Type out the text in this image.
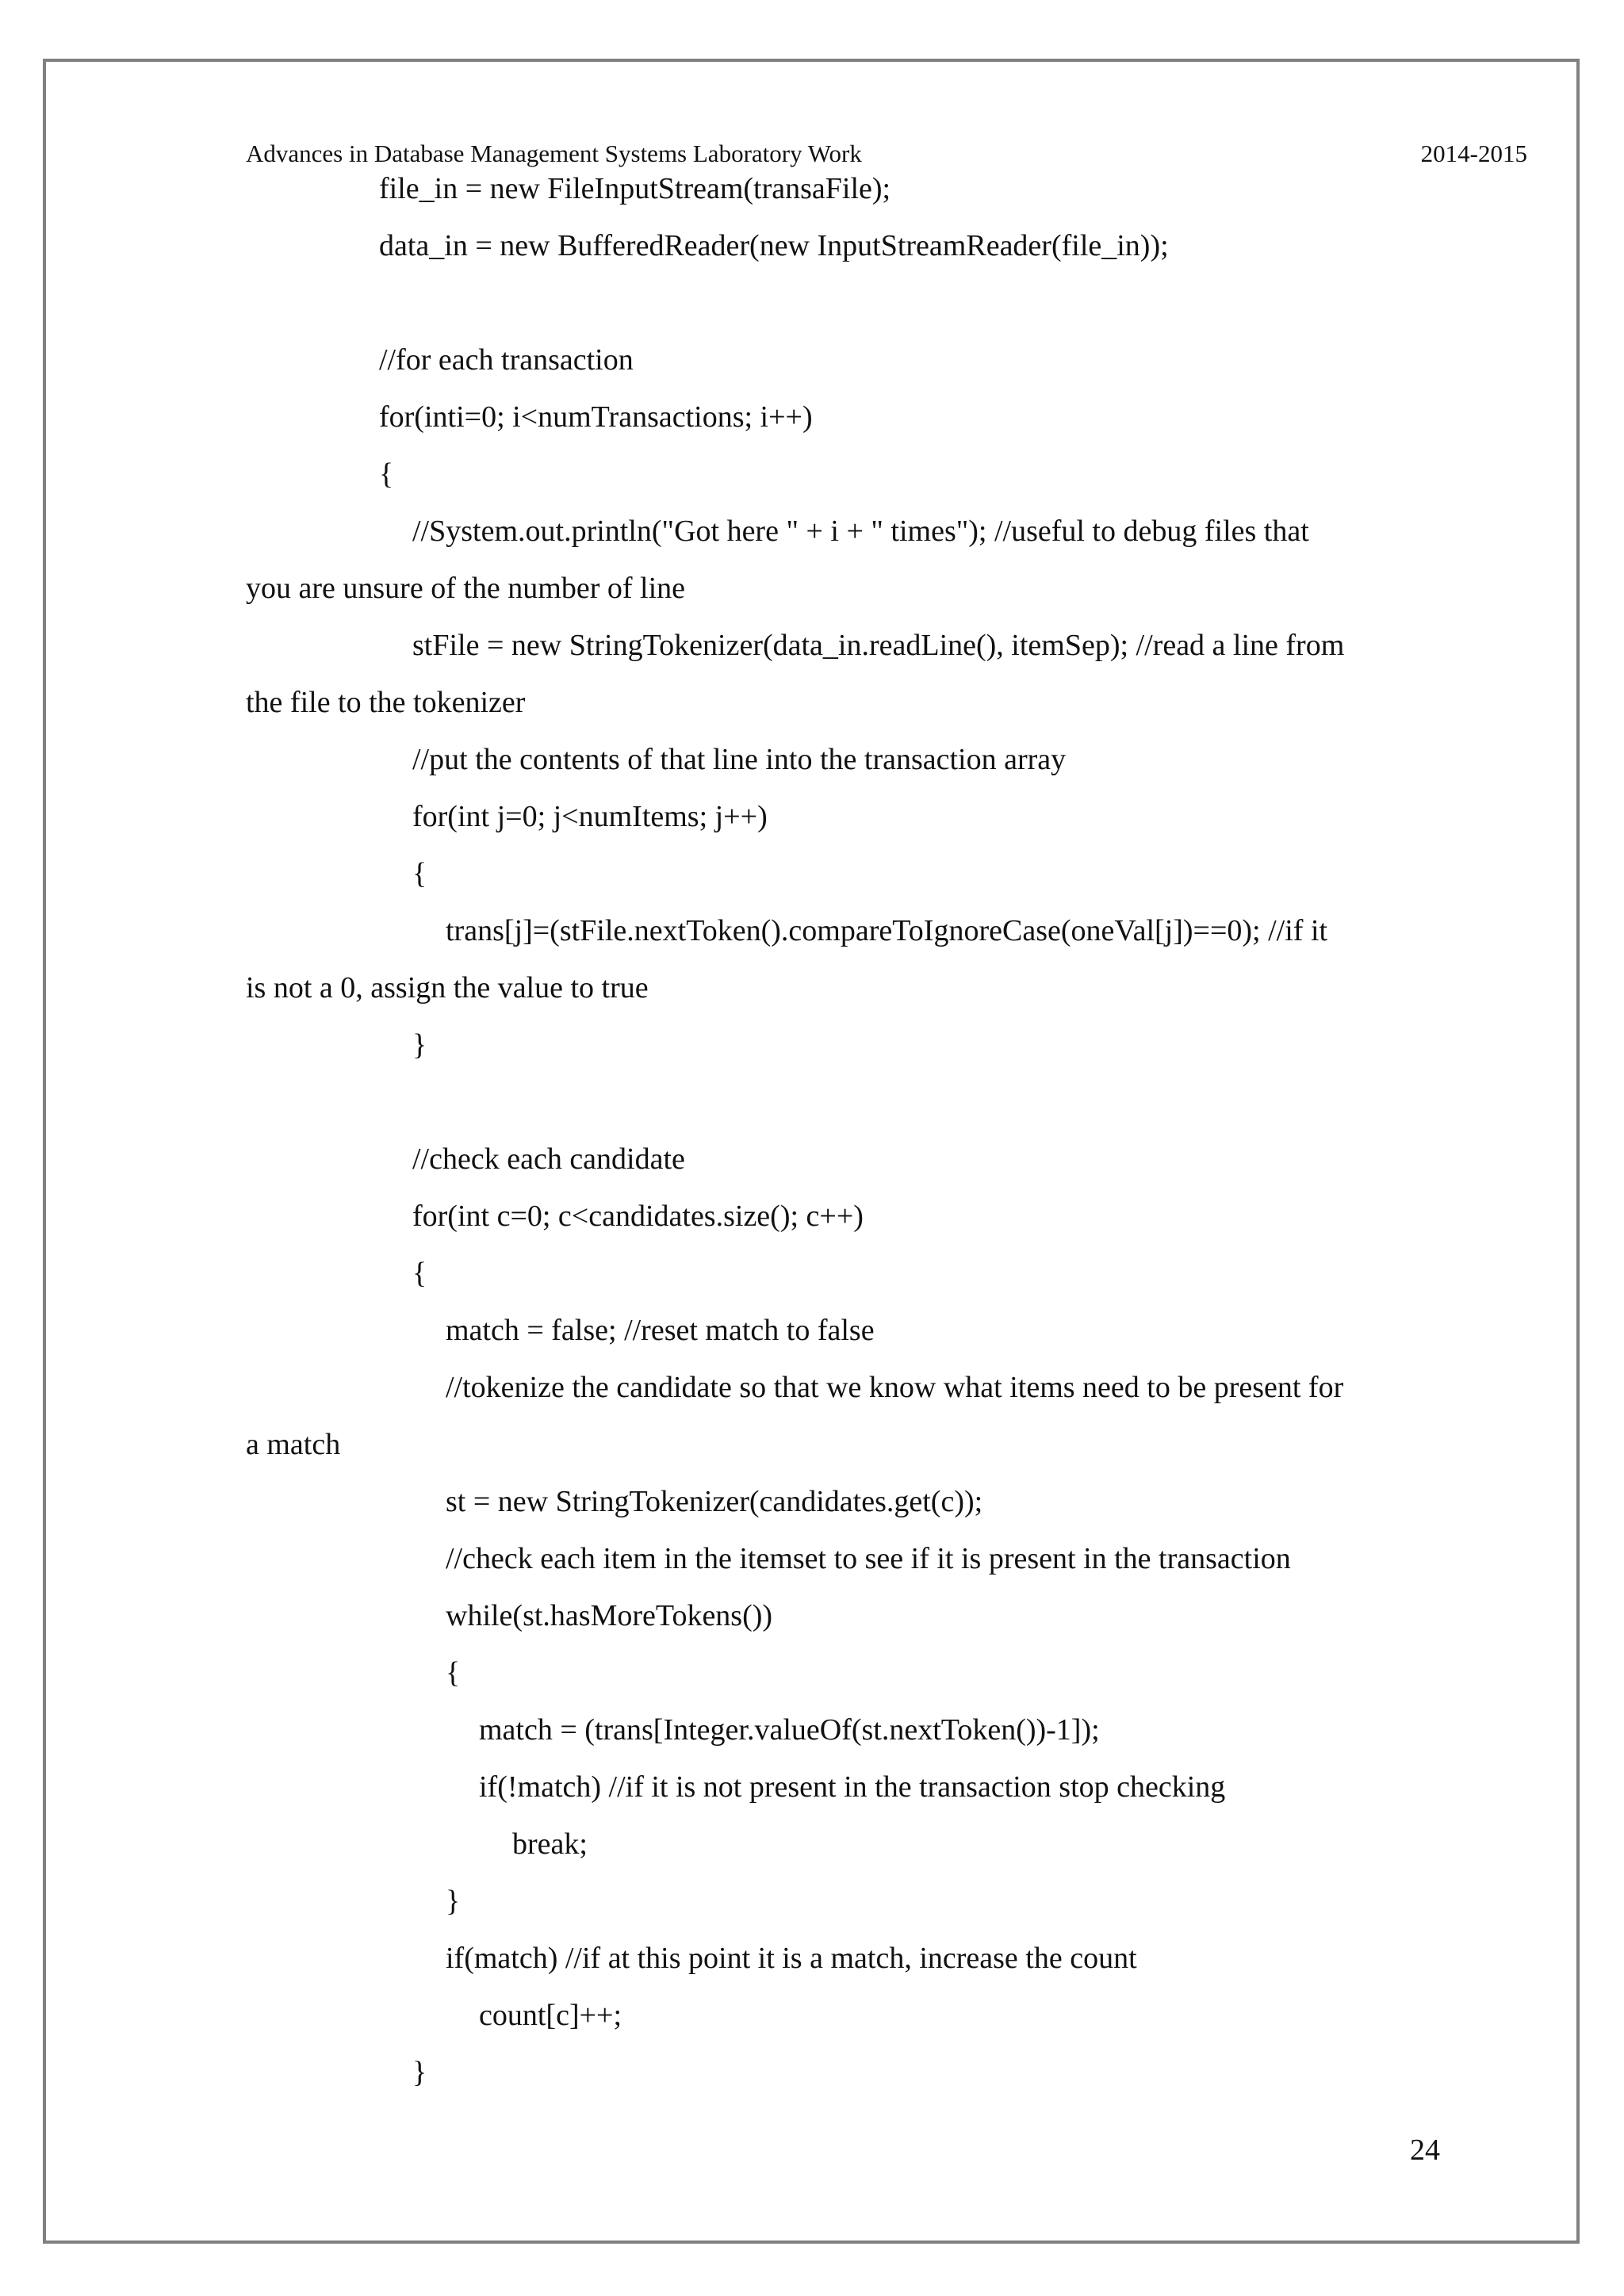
Advances in Database Management Systems Laboratory Work	2014-2015
file_in = new FileInputStream(transaFile);
data_in = new BufferedReader(new InputStreamReader(file_in));
//for each transaction
for(inti=0; i<numTransactions; i++)
{
//System.out.println("Got here " + i + " times"); //useful to debug files that
you are unsure of the number of line
stFile = new StringTokenizer(data_in.readLine(), itemSep); //read a line from
the file to the tokenizer
//put the contents of that line into the transaction array
for(int j=0; j<numItems; j++)
{
trans[j]=(stFile.nextToken().compareToIgnoreCase(oneVal[j])==0); //if it
is not a 0, assign the value to true
}
//check each candidate
for(int c=0; c<candidates.size(); c++)
{
match = false; //reset match to false
//tokenize the candidate so that we know what items need to be present for
a match
st = new StringTokenizer(candidates.get(c));
//check each item in the itemset to see if it is present in the transaction
while(st.hasMoreTokens())
{
match = (trans[Integer.valueOf(st.nextToken())-1]);
if(!match) //if it is not present in the transaction stop checking
break;
}
if(match) //if at this point it is a match, increase the count
count[c]++;
}
24
